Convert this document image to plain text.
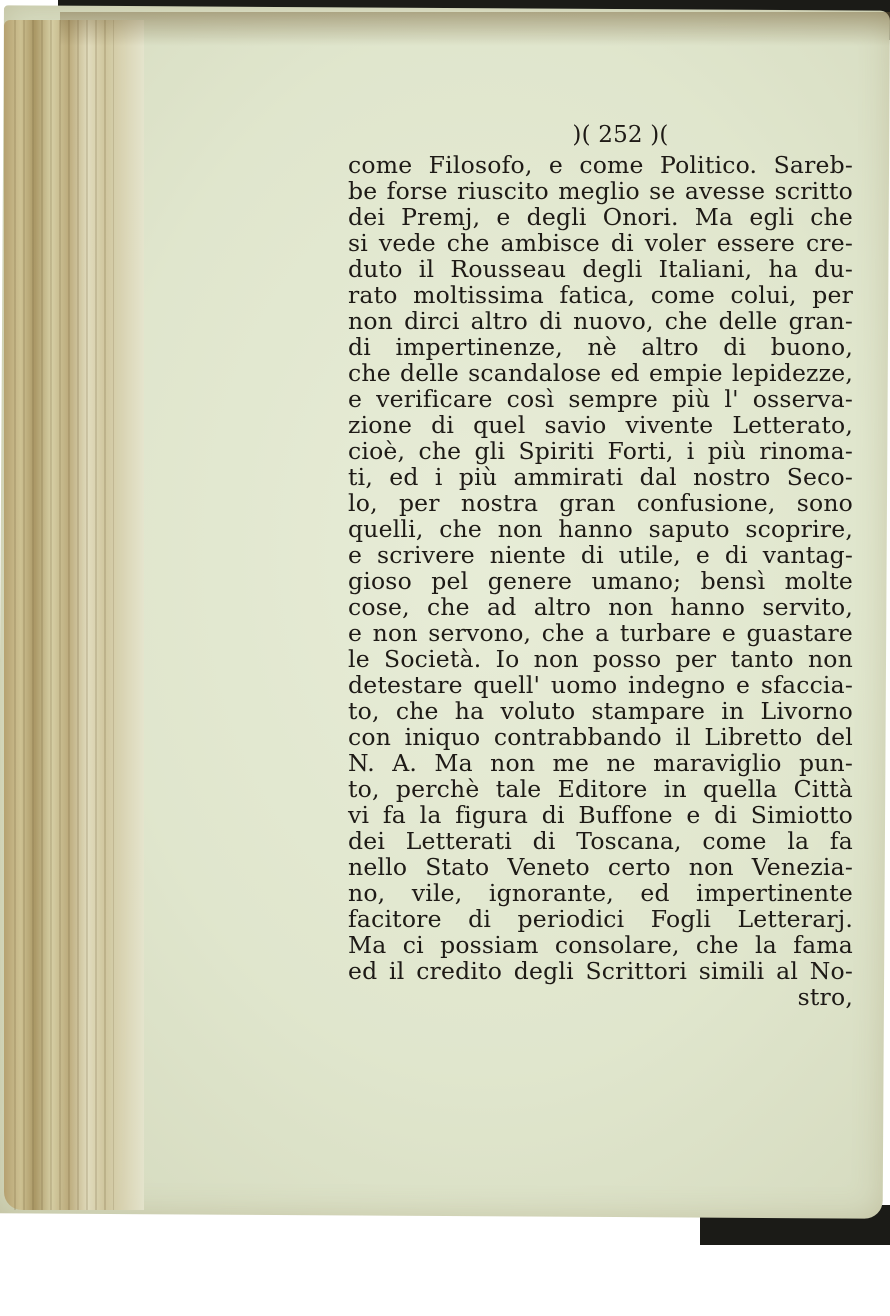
)( 252 )(
come Filosofo, e come Politico. Sareb-
be forse riuscito meglio se avesse scritto
dei Premj, e degli Onori. Ma egli che
si vede che ambisce di voler essere cre-
duto il Rousseau degli Italiani, ha du-
rato moltissima fatica, come colui, per
non dirci altro di nuovo, che delle gran-
di impertinenze, nè altro di buono,
che delle scandalose ed empie lepidezze,
e verificare così sempre più l' osserva-
zione di quel savio vivente Letterato,
cioè, che gli Spiriti Forti, i più rinoma-
ti, ed i più ammirati dal nostro Seco-
lo, per nostra gran confusione, sono
quelli, che non hanno saputo scoprire,
e scrivere niente di utile, e di vantag-
gioso pel genere umano; bensì molte
cose, che ad altro non hanno servito,
e non servono, che a turbare e guastare
le Società. Io non posso per tanto non
detestare quell' uomo indegno e sfaccia-
to, che ha voluto stampare in Livorno
con iniquo contrabbando il Libretto del
N. A. Ma non me ne maraviglio pun-
to, perchè tale Editore in quella Città
vi fa la figura di Buffone e di Simiotto
dei Letterati di Toscana, come la fa
nello Stato Veneto certo non Venezia-
no, vile, ignorante, ed impertinente
facitore di periodici Fogli Letterarj.
Ma ci possiam consolare, che la fama
ed il credito degli Scrittori simili al No-
stro,
